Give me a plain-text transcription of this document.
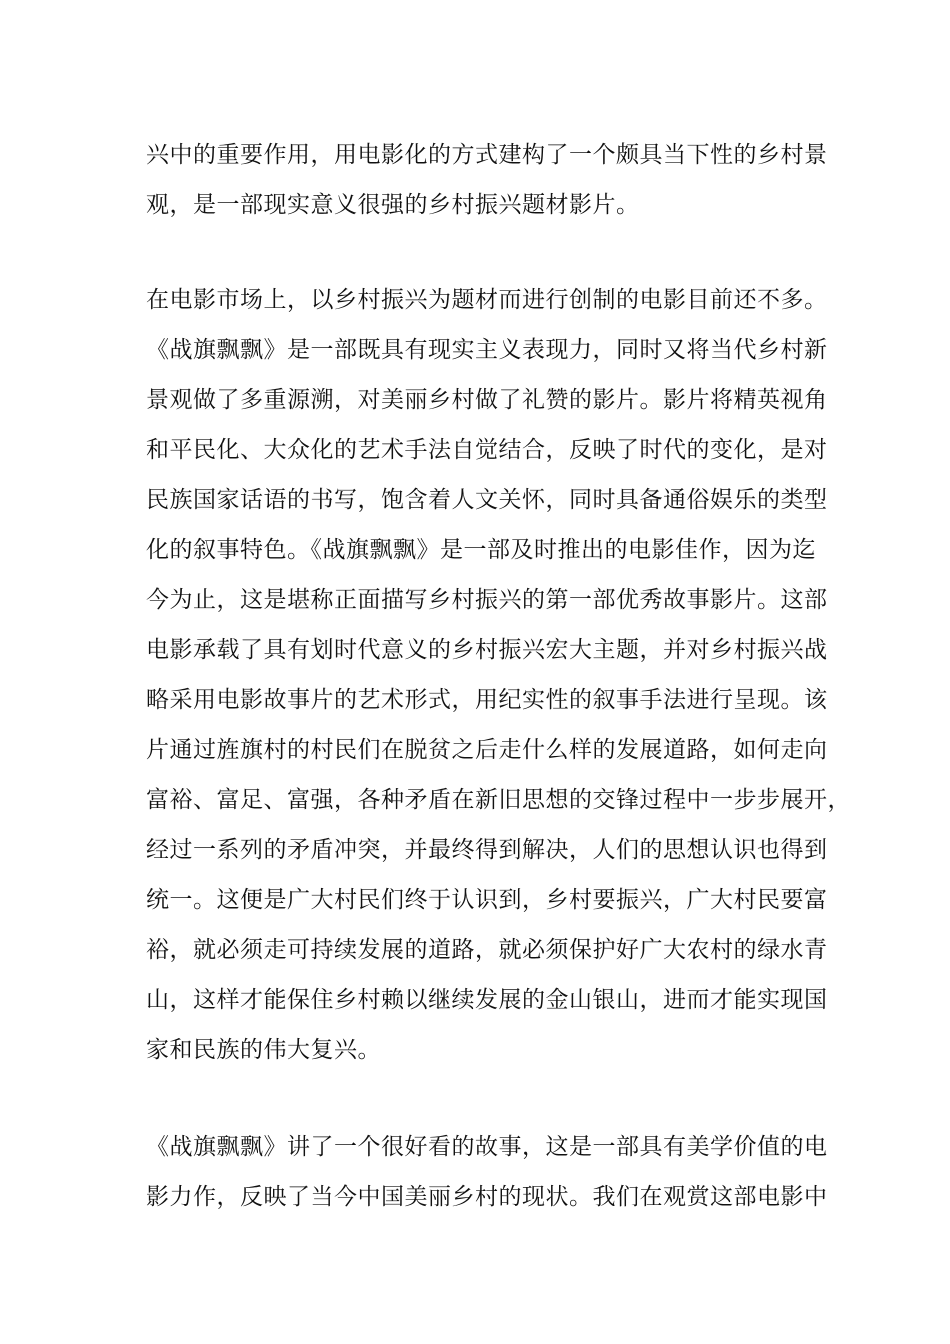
兴中的重要作用，用电影化的方式建构了一个颇具当下性的乡村景
观，是一部现实意义很强的乡村振兴题材影片。
在电影市场上，以乡村振兴为题材而进行创制的电影目前还不多。
《战旗飘飘》是一部既具有现实主义表现力，同时又将当代乡村新
景观做了多重源溯，对美丽乡村做了礼赞的影片。影片将精英视角
和平民化、大众化的艺术手法自觉结合，反映了时代的变化，是对
民族国家话语的书写，饱含着人文关怀，同时具备通俗娱乐的类型
化的叙事特色。《战旗飘飘》是一部及时推出的电影佳作，因为迄
今为止，这是堪称正面描写乡村振兴的第一部优秀故事影片。这部
电影承载了具有划时代意义的乡村振兴宏大主题，并对乡村振兴战
略采用电影故事片的艺术形式，用纪实性的叙事手法进行呈现。该
片通过旌旗村的村民们在脱贫之后走什么样的发展道路，如何走向
富裕、富足、富强，各种矛盾在新旧思想的交锋过程中一步步展开，
经过一系列的矛盾冲突，并最终得到解决，人们的思想认识也得到
统一。这便是广大村民们终于认识到，乡村要振兴，广大村民要富
裕，就必须走可持续发展的道路，就必须保护好广大农村的绿水青
山，这样才能保住乡村赖以继续发展的金山银山，进而才能实现国
家和民族的伟大复兴。
《战旗飘飘》讲了一个很好看的故事，这是一部具有美学价值的电
影力作，反映了当今中国美丽乡村的现状。我们在观赏这部电影中
